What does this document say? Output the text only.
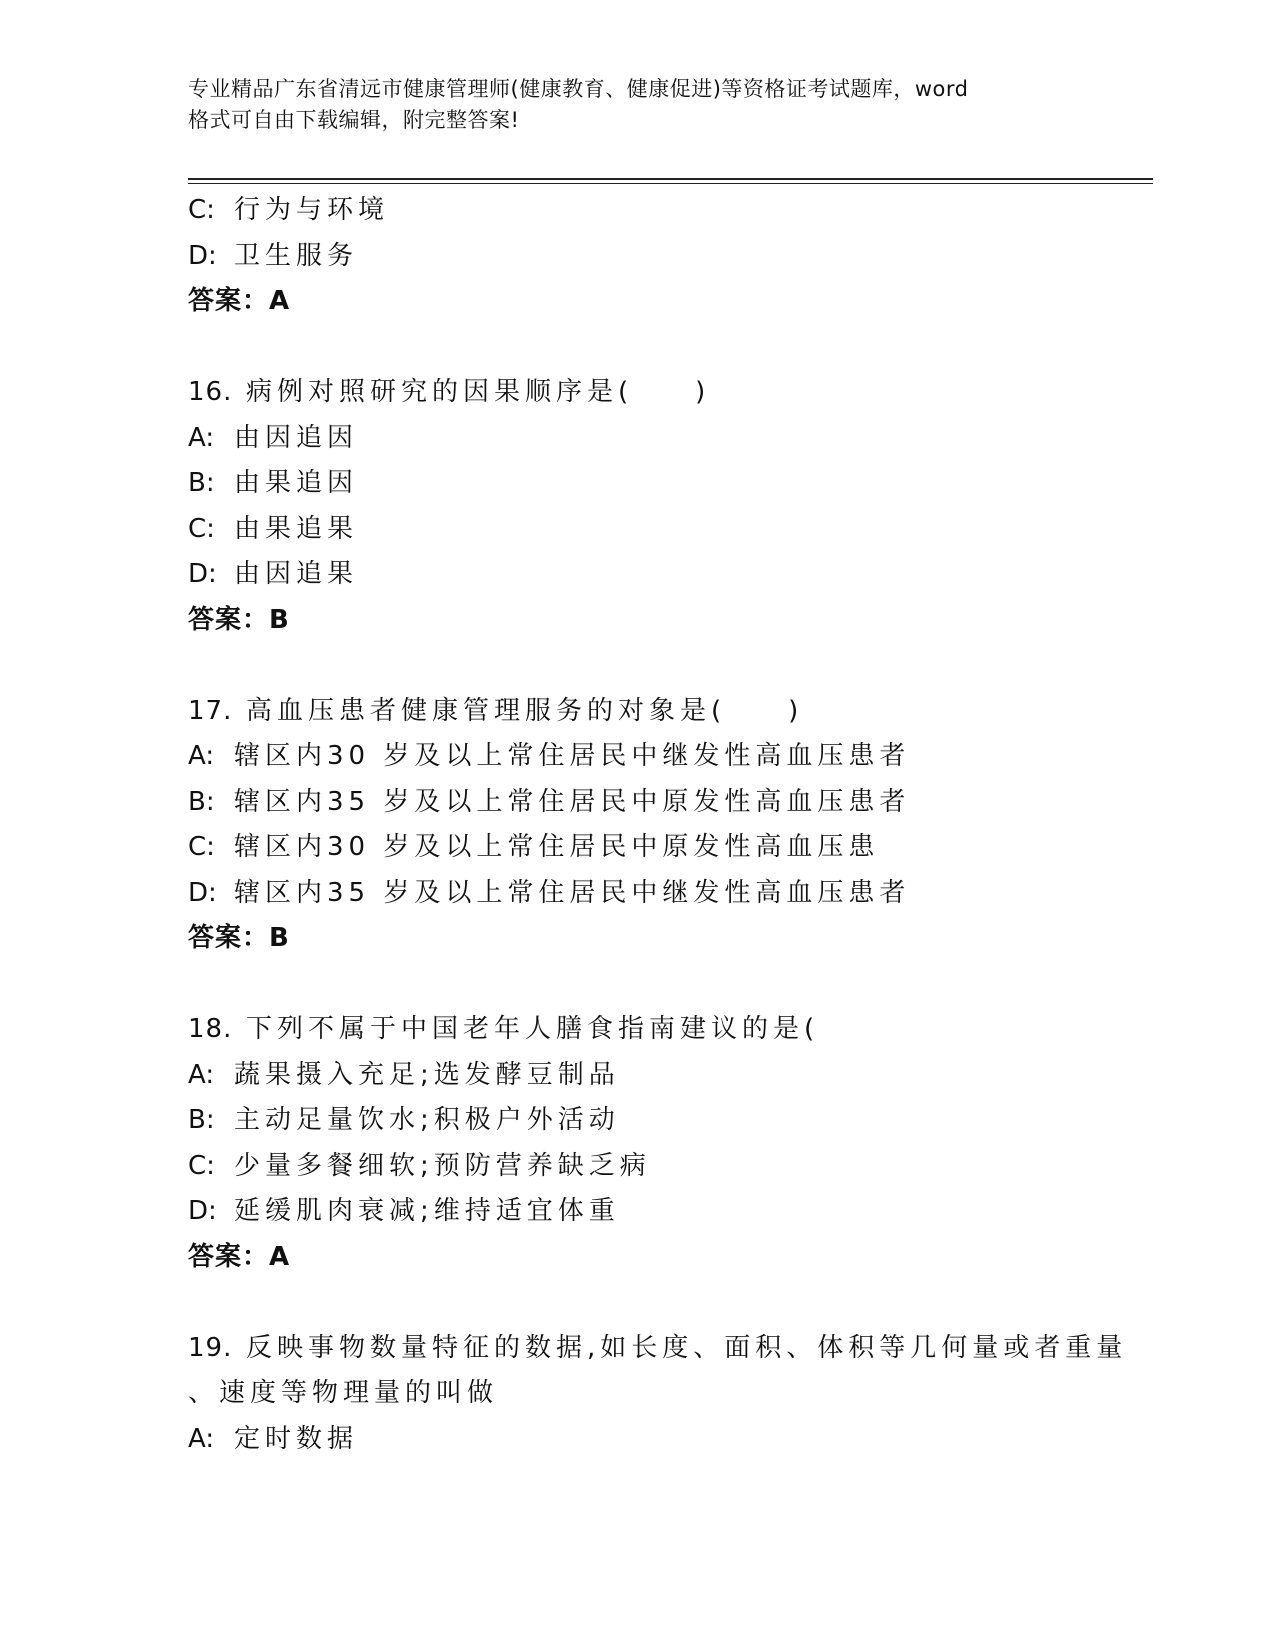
专业精品广东省清远市健康管理师(健康教育、健康促进)等资格证考试题库，word
格式可自由下载编辑，附完整答案!
C: 行为与环境
D: 卫生服务
答案：A
16. 病例对照研究的因果顺序是(　　)
A: 由因追因
B: 由果追因
C: 由果追果
D: 由因追果
答案：B
17. 高血压患者健康管理服务的对象是(　　)
A: 辖区内30 岁及以上常住居民中继发性高血压患者
B: 辖区内35 岁及以上常住居民中原发性高血压患者
C: 辖区内30 岁及以上常住居民中原发性高血压患
D: 辖区内35 岁及以上常住居民中继发性高血压患者
答案：B
18. 下列不属于中国老年人膳食指南建议的是(
A: 蔬果摄入充足;选发酵豆制品
B: 主动足量饮水;积极户外活动
C: 少量多餐细软;预防营养缺乏病
D: 延缓肌肉衰减;维持适宜体重
答案：A
19. 反映事物数量特征的数据,如长度、面积、体积等几何量或者重量
、速度等物理量的叫做
A: 定时数据
